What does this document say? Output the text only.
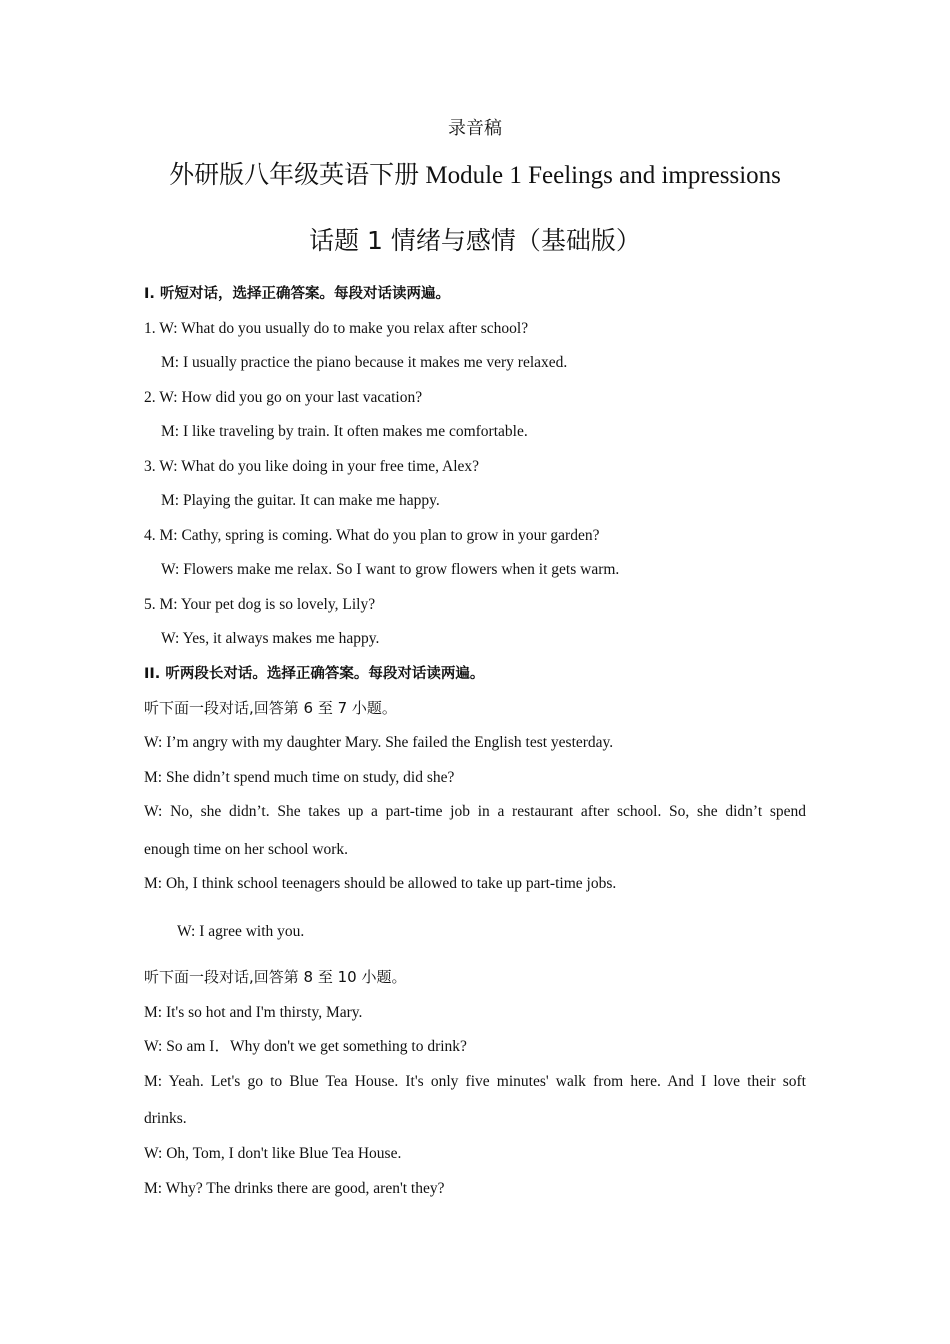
录音稿
外研版八年级英语下册 Module 1 Feelings and impressions
话题 1 情绪与感情（基础版）
I. 听短对话，选择正确答案。每段对话读两遍。
1. W: What do you usually do to make you relax after school?
M: I usually practice the piano because it makes me very relaxed.
2. W: How did you go on your last vacation?
M: I like traveling by train. It often makes me comfortable.
3. W: What do you like doing in your free time, Alex?
M: Playing the guitar. It can make me happy.
4. M: Cathy, spring is coming. What do you plan to grow in your garden?
W: Flowers make me relax. So I want to grow flowers when it gets warm.
5. M: Your pet dog is so lovely, Lily?
W: Yes, it always makes me happy.
II. 听两段长对话。选择正确答案。每段对话读两遍。
听下面一段对话,回答第 6 至 7 小题。
W: I’m angry with my daughter Mary. She failed the English test yesterday.
M: She didn’t spend much time on study, did she?
W: No, she didn’t. She takes up a part-time job in a restaurant after school. So, she didn’t spend
enough time on her school work.
M: Oh, I think school teenagers should be allowed to take up part-time jobs.
W: I agree with you.
听下面一段对话,回答第 8 至 10 小题。
M: It's so hot and I'm thirsty, Mary.
W: So am I．Why don't we get something to drink?
M: Yeah. Let's go to Blue Tea House. It's only five minutes' walk from here. And I love their soft
drinks.
W: Oh, Tom, I don't like Blue Tea House.
M: Why? The drinks there are good, aren't they?
